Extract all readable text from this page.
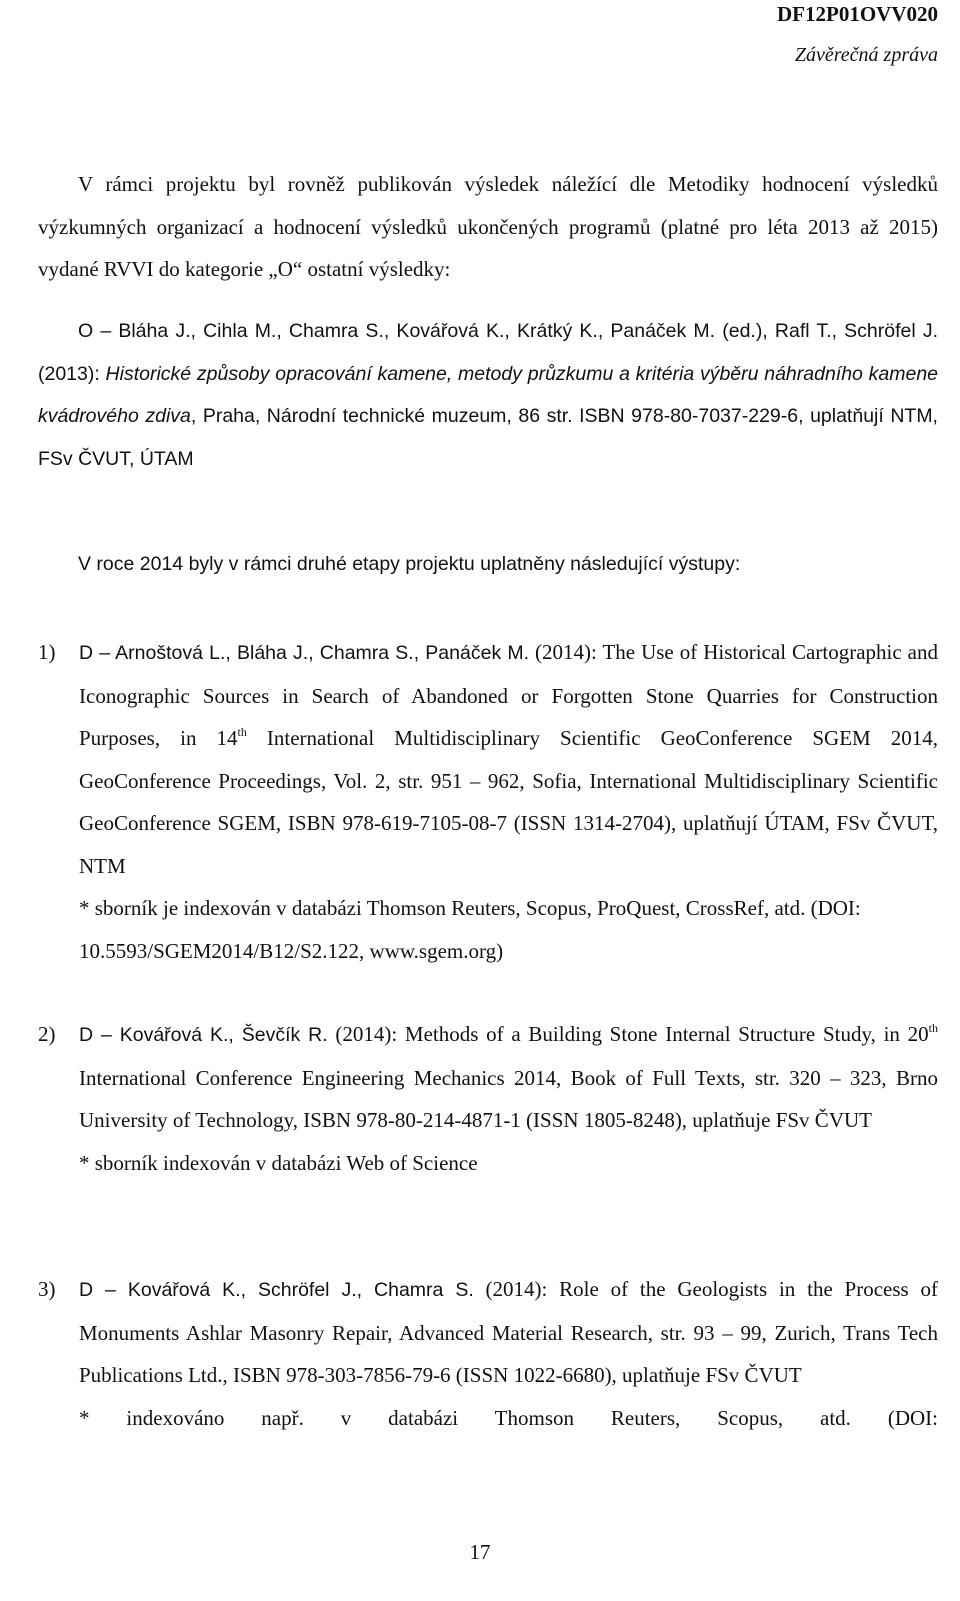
DF12P01OVV020
Závěrečná zpráva

V rámci projektu byl rovněž publikován výsledek náležící dle Metodiky hodnocení výsledků výzkumných organizací a hodnocení výsledků ukončených programů (platné pro léta 2013 až 2015) vydané RVVI do kategorie „O“ ostatní výsledky:

O – Bláha J., Cihla M., Chamra S., Kovářová K., Krátký K., Panáček M. (ed.), Rafl T., Schröfel J. (2013): Historické způsoby opracování kamene, metody průzkumu a kritéria výběru náhradního kamene kvádrového zdiva, Praha, Národní technické muzeum, 86 str. ISBN 978-80-7037-229-6, uplatňují NTM, FSv ČVUT, ÚTAM

V roce 2014 byly v rámci druhé etapy projektu uplatněny následující výstupy:

1)	D – Arnoštová L., Bláha J., Chamra S., Panáček M. (2014): The Use of Historical Cartographic and Iconographic Sources in Search of Abandoned or Forgotten Stone Quarries for Construction Purposes, in 14th International Multidisciplinary Scientific GeoConference SGEM 2014, GeoConference Proceedings, Vol. 2, str. 951 – 962, Sofia, International Multidisciplinary Scientific GeoConference SGEM, ISBN 978-619-7105-08-7 (ISSN 1314-2704), uplatňují ÚTAM, FSv ČVUT, NTM
* sborník je indexován v databázi Thomson Reuters, Scopus, ProQuest, CrossRef, atd. (DOI: 10.5593/SGEM2014/B12/S2.122, www.sgem.org)
2)	D – Kovářová K., Ševčík R. (2014): Methods of a Building Stone Internal Structure Study, in 20th International Conference Engineering Mechanics 2014, Book of Full Texts, str. 320 – 323, Brno University of Technology, ISBN 978-80-214-4871-1 (ISSN 1805-8248), uplatňuje FSv ČVUT
* sborník indexován v databázi Web of Science
3)	D – Kovářová K., Schröfel J., Chamra S. (2014): Role of the Geologists in the Process of Monuments Ashlar Masonry Repair, Advanced Material Research, str. 93 – 99, Zurich, Trans Tech Publications Ltd., ISBN 978-303-7856-79-6 (ISSN 1022-6680), uplatňuje FSv ČVUT
* indexováno např. v databázi Thomson Reuters, Scopus, atd. (DOI:
17
